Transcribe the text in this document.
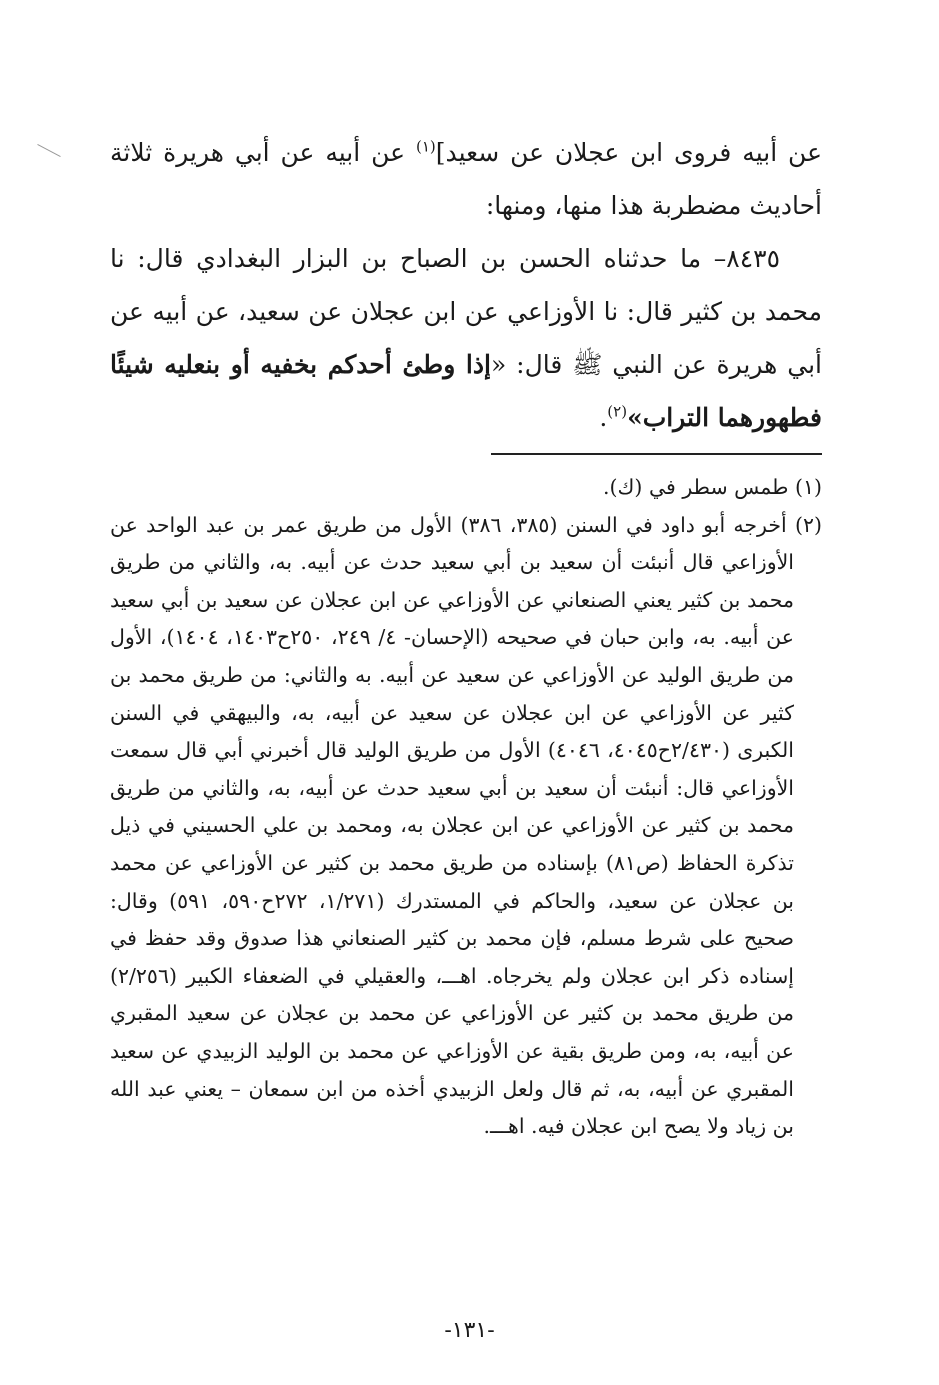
عن أبيه فروى ابن عجلان عن سعيد]$^{(١)}$ عن أبيه عن أبي هريرة ثلاثة أحاديث مضطربة هذا منها، ومنها:

٨٤٣٥– ما حدثناه الحسن بن الصباح بن البزار البغدادي قال: نا محمد بن كثير قال: نا الأوزاعي عن ابن عجلان عن سعيد، عن أبيه عن أبي هريرة عن النبي ﷺ قال: «إذا وطئ أحدكم بخفيه أو بنعليه شيئًا فطهورهما التراب»$^{(٢)}$.

(١) طمس سطر في (ك).

(٢) أخرجه أبو داود في السنن (٣٨٥، ٣٨٦) الأول من طريق عمر بن عبد الواحد عن الأوزاعي قال أنبئت أن سعيد بن أبي سعيد حدث عن أبيه. به، والثاني من طريق محمد بن كثير يعني الصنعاني عن الأوزاعي عن ابن عجلان عن سعيد بن أبي سعيد عن أبيه. به، وابن حبان في صحيحه (الإحسان- ٤/ ٢٤٩، ٢٥٠ح١٤٠٣، ١٤٠٤)، الأول من طريق الوليد عن الأوزاعي عن سعيد عن أبيه. به والثاني: من طريق محمد بن كثير عن الأوزاعي عن ابن عجلان عن سعيد عن أبيه، به، والبيهقي في السنن الكبرى (٢/٤٣٠ح٤٠٤٥، ٤٠٤٦) الأول من طريق الوليد قال أخبرني أبي قال سمعت الأوزاعي قال: أنبئت أن سعيد بن أبي سعيد حدث عن أبيه، به، والثاني من طريق محمد بن كثير عن الأوزاعي عن ابن عجلان به، ومحمد بن علي الحسيني في ذيل تذكرة الحفاظ (ص٨١) بإسناده من طريق محمد بن كثير عن الأوزاعي عن محمد بن عجلان عن سعيد، والحاكم في المستدرك (١/٢٧١، ٢٧٢ح٥٩٠، ٥٩١) وقال: صحيح على شرط مسلم، فإن محمد بن كثير الصنعاني هذا صدوق وقد حفظ في إسناده ذكر ابن عجلان ولم يخرجاه. اهـــ، والعقيلي في الضعفاء الكبير (٢/٢٥٦) من طريق محمد بن كثير عن الأوزاعي عن محمد بن عجلان عن سعيد المقبري عن أبيه، به، ومن طريق بقية عن الأوزاعي عن محمد بن الوليد الزبيدي عن سعيد المقبري عن أبيه، به، ثم قال ولعل الزبيدي أخذه من ابن سمعان – يعني عبد الله بن زياد ولا يصح ابن عجلان فيه. اهـــ.

-١٣١-
